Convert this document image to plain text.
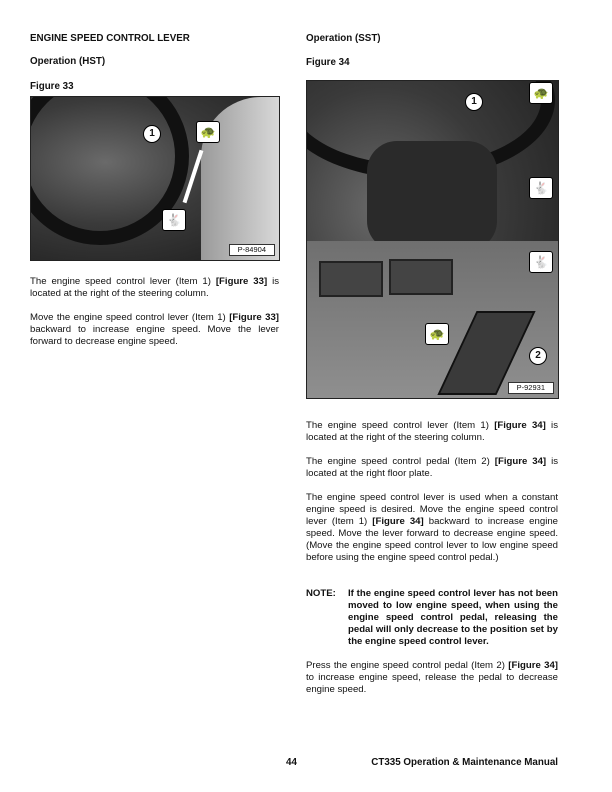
ENGINE SPEED CONTROL LEVER
Operation (HST)
Figure 33
1	🐢
🐇
P-84904
The engine speed control lever (Item 1) [Figure 33] is located at the right of the steering column.
Move the engine speed control lever (Item 1) [Figure 33] backward to increase engine speed. Move the lever forward to decrease engine speed.
Operation (SST)
Figure 34
1
2
🐢
🐇
🐇
🐢
P-92931
The engine speed control lever (Item 1) [Figure 34] is located at the right of the steering column.
The engine speed control pedal (Item 2) [Figure 34] is located at the right floor plate.
The engine speed control lever is used when a constant engine speed is desired. Move the engine speed control lever (Item 1) [Figure 34] backward to increase engine speed. Move the lever forward to decrease engine speed. (Move the engine speed control lever to low engine speed before using the engine speed control pedal.)
NOTE:	If the engine speed control lever has not been moved to low engine speed, when using the engine speed control pedal, releasing the pedal will only decrease to the position set by the engine speed control lever.
Press the engine speed control pedal (Item 2) [Figure 34] to increase engine speed, release the pedal to decrease engine speed.
44	CT335 Operation & Maintenance Manual
